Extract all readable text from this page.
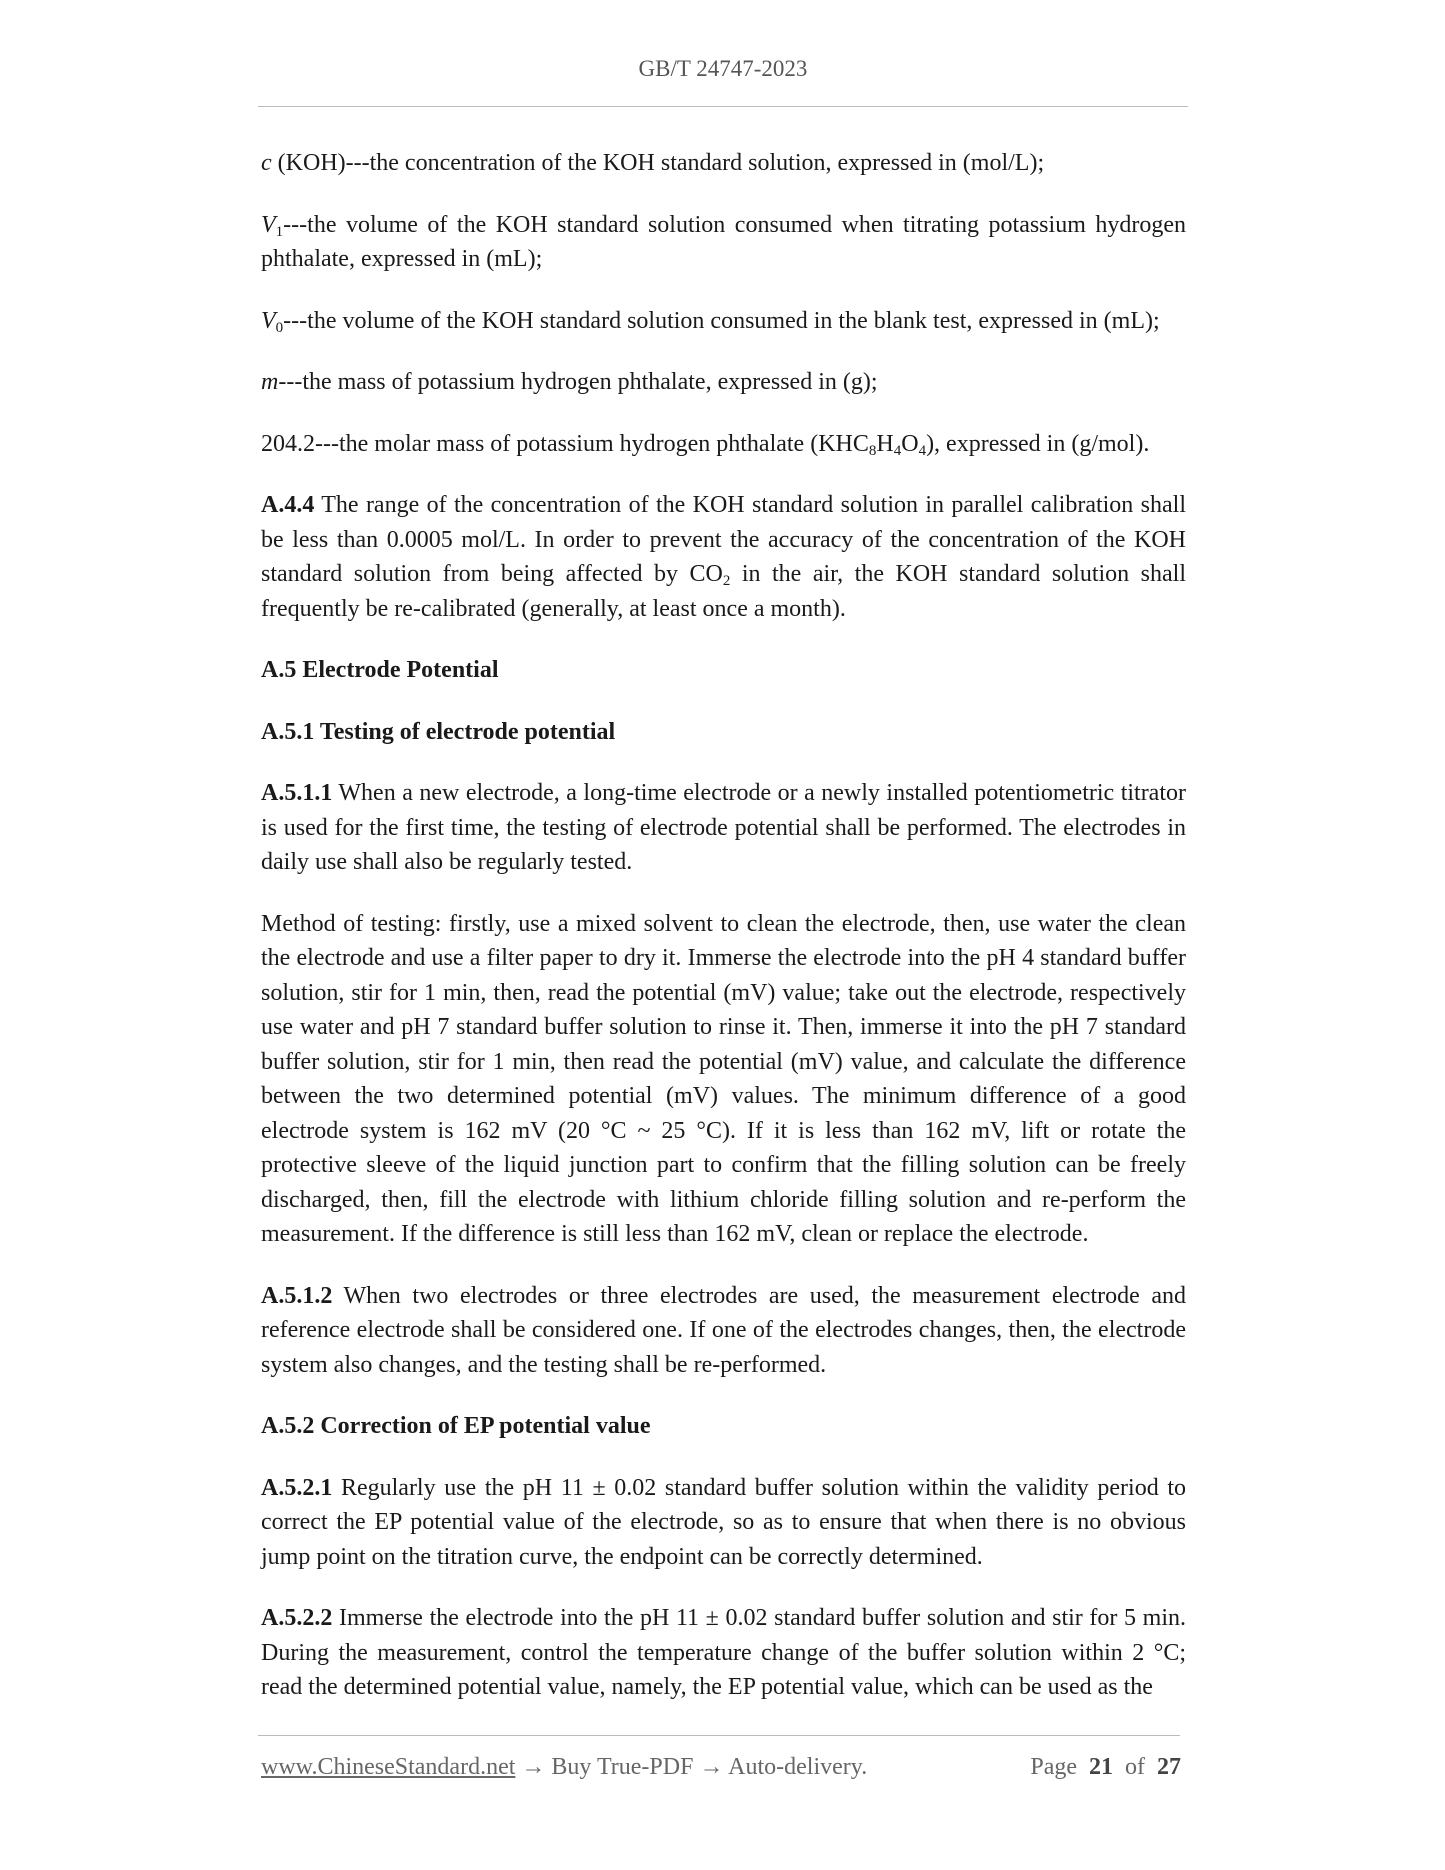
GB/T 24747-2023

c (KOH)---the concentration of the KOH standard solution, expressed in (mol/L);

$V_1--$-the volume of the KOH standard solution consumed when titrating potassium hydrogen phthalate, expressed in (mL);

$V_0--$-the volume of the KOH standard solution consumed in the blank test, expressed in (mL);

m---the mass of potassium hydrogen phthalate, expressed in (g);

204.2---the molar mass of potassium hydrogen phthalate $(KHC_8H_4O_4)$, expressed in (g/mol).

A.4.4 The range of the concentration of the KOH standard solution in parallel calibration shall be less than 0.0005 mol/L. In order to prevent the accuracy of the concentration of the KOH standard solution from being affected by $CO_2$ in the air, the KOH standard solution shall frequently be re-calibrated (generally, at least once a month).

A.5 Electrode Potential
A.5.1 Testing of electrode potential

A.5.1.1 When a new electrode, a long-time electrode or a newly installed potentiometric titrator is used for the first time, the testing of electrode potential shall be performed. The electrodes in daily use shall also be regularly tested.

Method of testing: firstly, use a mixed solvent to clean the electrode, then, use water the clean the electrode and use a filter paper to dry it. Immerse the electrode into the pH 4 standard buffer solution, stir for 1 min, then, read the potential (mV) value; take out the electrode, respectively use water and pH 7 standard buffer solution to rinse it. Then, immerse it into the pH 7 standard buffer solution, stir for 1 min, then read the potential (mV) value, and calculate the difference between the two determined potential (mV) values. The minimum difference of a good electrode system is 162 mV (20 °C ~ 25 °C). If it is less than 162 mV, lift or rotate the protective sleeve of the liquid junction part to confirm that the filling solution can be freely discharged, then, fill the electrode with lithium chloride filling solution and re-perform the measurement. If the difference is still less than 162 mV, clean or replace the electrode.

A.5.1.2 When two electrodes or three electrodes are used, the measurement electrode and reference electrode shall be considered one. If one of the electrodes changes, then, the electrode system also changes, and the testing shall be re-performed.

A.5.2 Correction of EP potential value

A.5.2.1 Regularly use the pH 11 ± 0.02 standard buffer solution within the validity period to correct the EP potential value of the electrode, so as to ensure that when there is no obvious jump point on the titration curve, the endpoint can be correctly determined.

A.5.2.2 Immerse the electrode into the pH 11 ± 0.02 standard buffer solution and stir for 5 min. During the measurement, control the temperature change of the buffer solution within 2 °C; read the determined potential value, namely, the EP potential value, which can be used as the

www.ChineseStandard.net → Buy True-PDF → Auto-delivery.	Page 21 of 27
